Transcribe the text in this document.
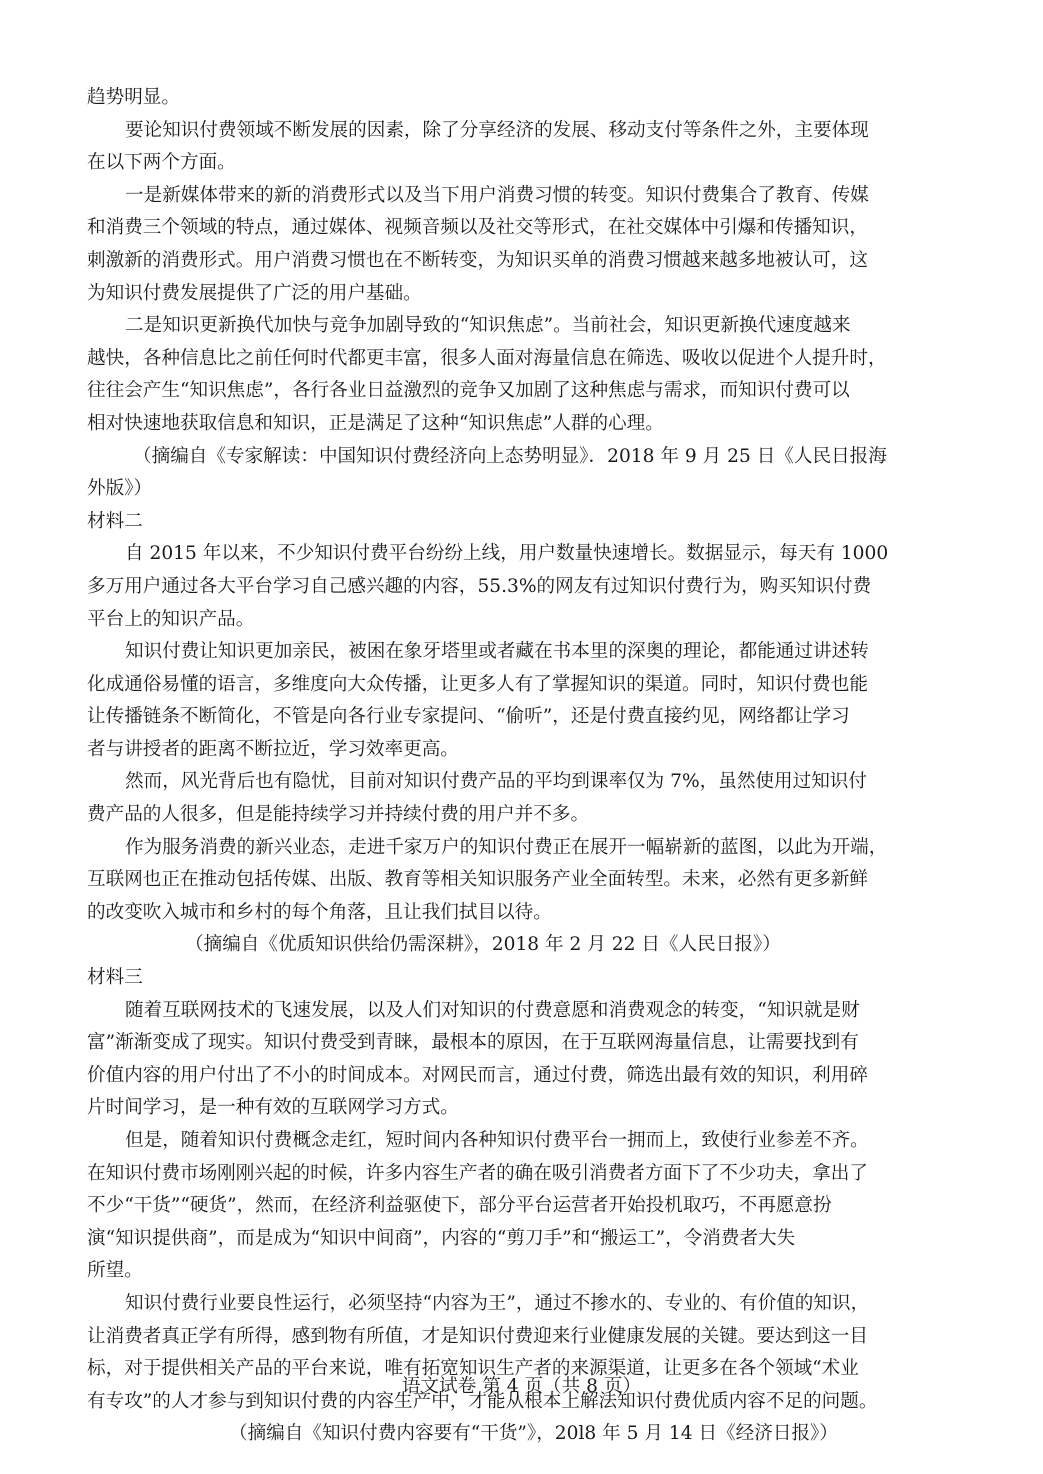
趋势明显。
要论知识付费领域不断发展的因素，除了分享经济的发展、移动支付等条件之外，主要体现
在以下两个方面。
一是新媒体带来的新的消费形式以及当下用户消费习惯的转变。知识付费集合了教育、传媒
和消费三个领域的特点，通过媒体、视频音频以及社交等形式，在社交媒体中引爆和传播知识，
刺激新的消费形式。用户消费习惯也在不断转变，为知识买单的消费习惯越来越多地被认可，这
为知识付费发展提供了广泛的用户基础。
二是知识更新换代加快与竞争加剧导致的“知识焦虑”。当前社会，知识更新换代速度越来
越快，各种信息比之前任何时代都更丰富，很多人面对海量信息在筛选、吸收以促进个人提升时，
往往会产生“知识焦虑”，各行各业日益激烈的竞争又加剧了这种焦虑与需求，而知识付费可以
相对快速地获取信息和知识，正是满足了这种“知识焦虑”人群的心理。
（摘编自《专家解读：中国知识付费经济向上态势明显》．2018 年 9 月 25 日《人民日报海
外版》）
材料二
自 2015 年以来，不少知识付费平台纷纷上线，用户数量快速增长。数据显示，每天有 1000
多万用户通过各大平台学习自己感兴趣的内容，55.3%的网友有过知识付费行为，购买知识付费
平台上的知识产品。
知识付费让知识更加亲民，被困在象牙塔里或者藏在书本里的深奥的理论，都能通过讲述转
化成通俗易懂的语言，多维度向大众传播，让更多人有了掌握知识的渠道。同时，知识付费也能
让传播链条不断简化，不管是向各行业专家提问、“偷听”，还是付费直接约见，网络都让学习
者与讲授者的距离不断拉近，学习效率更高。
然而，风光背后也有隐忧，目前对知识付费产品的平均到课率仅为 7%，虽然使用过知识付
费产品的人很多，但是能持续学习并持续付费的用户并不多。
作为服务消费的新兴业态，走进千家万户的知识付费正在展开一幅崭新的蓝图，以此为开端，
互联网也正在推动包括传媒、出版、教育等相关知识服务产业全面转型。未来，必然有更多新鲜
的改变吹入城市和乡村的每个角落，且让我们拭目以待。
（摘编自《优质知识供给仍需深耕》，2018 年 2 月 22 日《人民日报》）
材料三
随着互联网技术的飞速发展，以及人们对知识的付费意愿和消费观念的转变，“知识就是财
富”渐渐变成了现实。知识付费受到青睐，最根本的原因，在于互联网海量信息，让需要找到有
价值内容的用户付出了不小的时间成本。对网民而言，通过付费，筛选出最有效的知识，利用碎
片时间学习，是一种有效的互联网学习方式。
但是，随着知识付费概念走红，短时间内各种知识付费平台一拥而上，致使行业参差不齐。
在知识付费市场刚刚兴起的时候，许多内容生产者的确在吸引消费者方面下了不少功夫，拿出了
不少“干货”“硬货”，然而，在经济利益驱使下，部分平台运营者开始投机取巧，不再愿意扮
演“知识提供商”，而是成为“知识中间商”，内容的“剪刀手”和“搬运工”，令消费者大失
所望。
知识付费行业要良性运行，必须坚持“内容为王”，通过不掺水的、专业的、有价值的知识，
让消费者真正学有所得，感到物有所值，才是知识付费迎来行业健康发展的关键。要达到这一目
标，对于提供相关产品的平台来说，唯有拓宽知识生产者的来源渠道，让更多在各个领域“术业
有专攻”的人才参与到知识付费的内容生产中，才能从根本上解法知识付费优质内容不足的问题。
（摘编自《知识付费内容要有“干货”》，20l8 年 5 月 14 日《经济日报》）
语文试卷 第 4 页（共 8 页）
